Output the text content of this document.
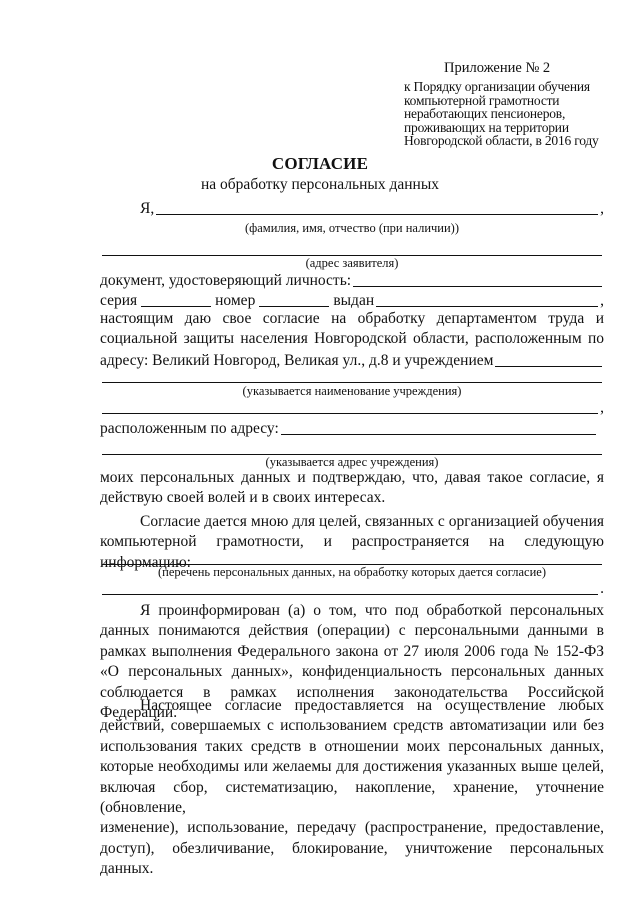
Приложение № 2
к Порядку организации обучения
компьютерной грамотности
неработающих пенсионеров,
проживающих на территории
Новгородской области, в 2016 году
СОГЛАСИЕ
на обработку персональных данных
Я,	,
(фамилия, имя, отчество (при наличии))
(адрес заявителя)
документ, удостоверяющий личность:
серия	номер	выдан	,
настоящим даю свое согласие на обработку департаментом труда и
социальной защиты населения Новгородской области, расположенным по
адресу: Великий Новгород, Великая ул., д.8 и учреждением
(указывается наименование учреждения)
,
расположенным по адресу:
(указывается адрес учреждения)
моих персональных данных и подтверждаю, что, давая такое согласие, я
действую своей волей и в своих интересах.
Согласие дается мною для целей, связанных с организацией обучения
компьютерной грамотности, и распространяется на следующую информацию:
(перечень персональных данных, на обработку которых дается согласие)
.
Я проинформирован (а) о том, что под обработкой персональных
данных понимаются действия (операции) с персональными данными в
рамках выполнения Федерального закона от 27 июля 2006 года № 152-ФЗ
«О персональных данных», конфиденциальность персональных данных
соблюдается в рамках исполнения законодательства Российской Федерации.
Настоящее согласие предоставляется на осуществление любых
действий, совершаемых с использованием средств автоматизации или без
использования таких средств в отношении моих персональных данных,
которые необходимы или желаемы для достижения указанных выше целей,
включая сбор, систематизацию, накопление, хранение, уточнение (обновление,
изменение), использование, передачу (распространение, предоставление,
доступ), обезличивание, блокирование, уничтожение персональных данных.
